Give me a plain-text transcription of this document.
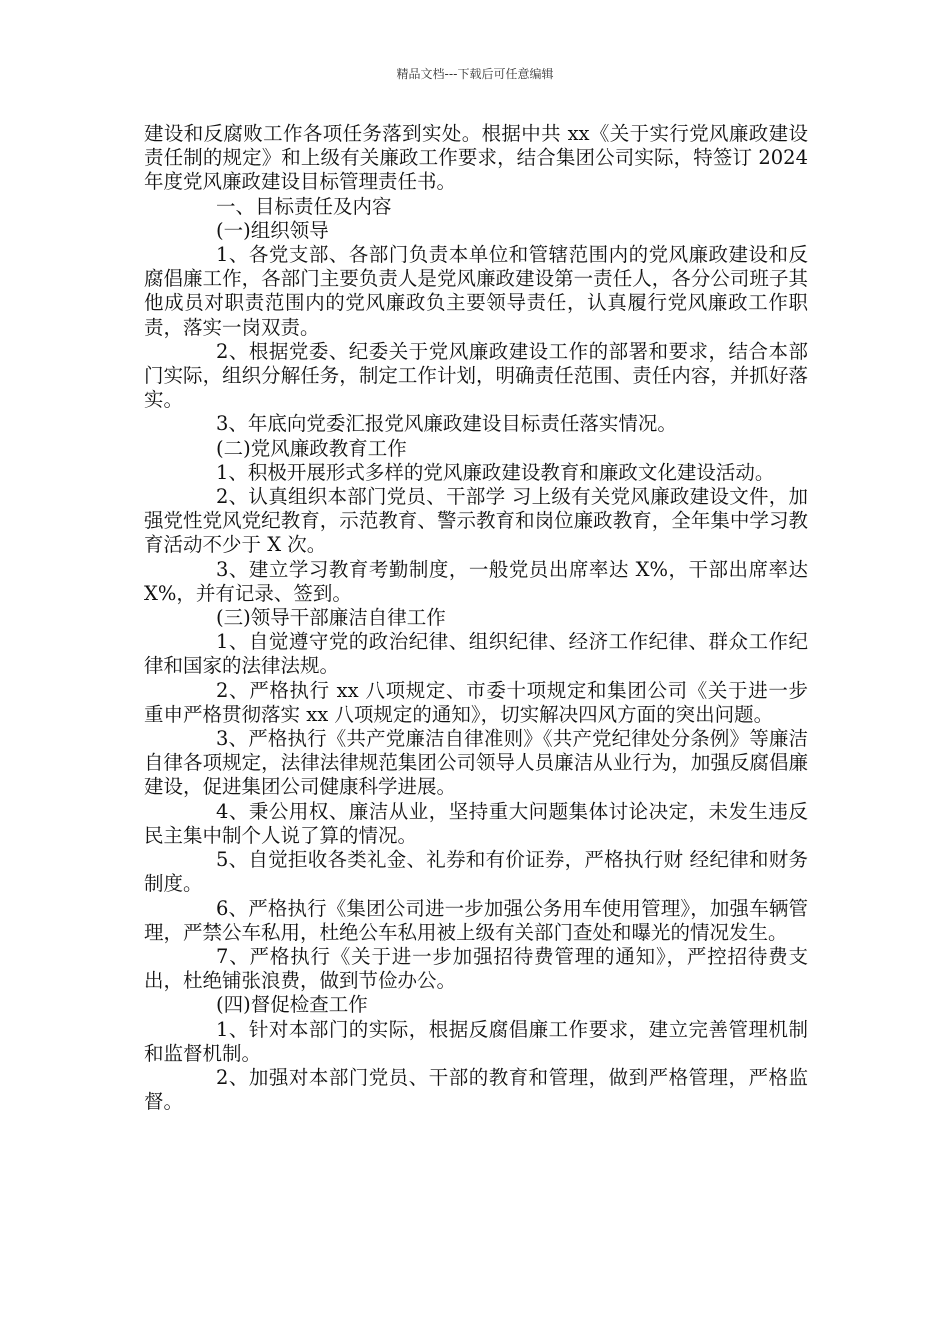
精品文档---下载后可任意编辑

建设和反腐败工作各项任务落到实处。根据中共 xx《关于实行党风廉政建设责任制的规定》和上级有关廉政工作要求，结合集团公司实际，特签订 2024 年度党风廉政建设目标管理责任书。

一、目标责任及内容

(一)组织领导

1、各党支部、各部门负责本单位和管辖范围内的党风廉政建设和反腐倡廉工作，各部门主要负责人是党风廉政建设第一责任人，各分公司班子其他成员对职责范围内的党风廉政负主要领导责任，认真履行党风廉政工作职责，落实一岗双责。

2、根据党委、纪委关于党风廉政建设工作的部署和要求，结合本部门实际，组织分解任务，制定工作计划，明确责任范围、责任内容，并抓好落实。

3、年底向党委汇报党风廉政建设目标责任落实情况。

(二)党风廉政教育工作

1、积极开展形式多样的党风廉政建设教育和廉政文化建设活动。

2、认真组织本部门党员、干部学 习上级有关党风廉政建设文件，加强党性党风党纪教育，示范教育、警示教育和岗位廉政教育，全年集中学习教育活动不少于 X 次。

3、建立学习教育考勤制度，一般党员出席率达 X%，干部出席率达 X%，并有记录、签到。

(三)领导干部廉洁自律工作

1、自觉遵守党的政治纪律、组织纪律、经济工作纪律、群众工作纪律和国家的法律法规。

2、严格执行 xx 八项规定、市委十项规定和集团公司《关于进一步重申严格贯彻落实 xx 八项规定的通知》，切实解决四风方面的突出问题。

3、严格执行《共产党廉洁自律准则》《共产党纪律处分条例》等廉洁自律各项规定，法律法律规范集团公司领导人员廉洁从业行为，加强反腐倡廉建设，促进集团公司健康科学进展。

4、秉公用权、廉洁从业，坚持重大问题集体讨论决定，未发生违反民主集中制个人说了算的情况。

5、自觉拒收各类礼金、礼券和有价证券，严格执行财 经纪律和财务制度。

6、严格执行《集团公司进一步加强公务用车使用管理》，加强车辆管理，严禁公车私用，杜绝公车私用被上级有关部门查处和曝光的情况发生。

7、严格执行《关于进一步加强招待费管理的通知》，严控招待费支出，杜绝铺张浪费，做到节俭办公。

(四)督促检查工作

1、针对本部门的实际，根据反腐倡廉工作要求，建立完善管理机制和监督机制。

2、加强对本部门党员、干部的教育和管理，做到严格管理，严格监督。
